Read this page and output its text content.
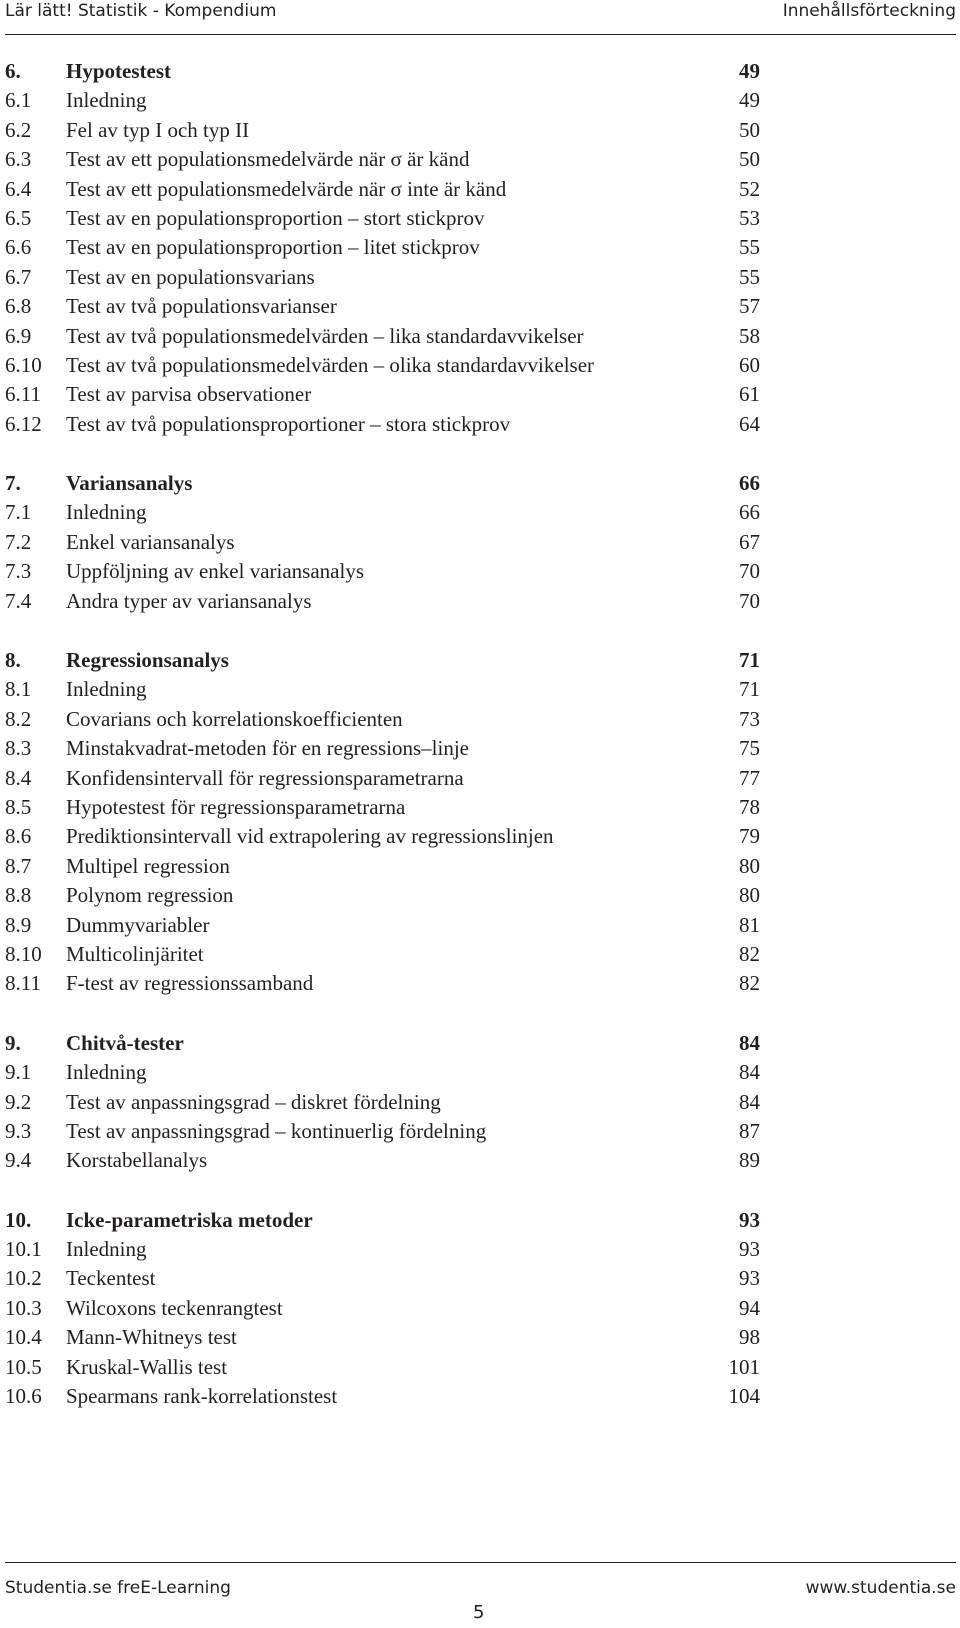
Lär lätt! Statistik - Kompendium	Innehållsförteckning
6. Hypotestest	49
6.1 Inledning	49
6.2 Fel av typ I och typ II	50
6.3 Test av ett populationsmedelvärde när σ är känd	50
6.4 Test av ett populationsmedelvärde när σ inte är känd	52
6.5 Test av en populationsproportion – stort stickprov	53
6.6 Test av en populationsproportion – litet stickprov	55
6.7 Test av en populationsvarians	55
6.8 Test av två populationsvarianser	57
6.9 Test av två populationsmedelvärden – lika standardavvikelser	58
6.10 Test av två populationsmedelvärden – olika standardavvikelser	60
6.11 Test av parvisa observationer	61
6.12 Test av två populationsproportioner – stora stickprov	64
7. Variansanalys	66
7.1 Inledning	66
7.2 Enkel variansanalys	67
7.3 Uppföljning av enkel variansanalys	70
7.4 Andra typer av variansanalys	70
8. Regressionsanalys	71
8.1 Inledning	71
8.2 Covarians och korrelationskoefficienten	73
8.3 Minstakvadrat-metoden för en regressions–linje	75
8.4 Konfidensintervall för regressionsparametrarna	77
8.5 Hypotestest för regressionsparametrarna	78
8.6 Prediktionsintervall vid extrapolering av regressionslinjen	79
8.7 Multipel regression	80
8.8 Polynom regression	80
8.9 Dummyvariabler	81
8.10 Multicolinjäritet	82
8.11 F-test av regressionssamband	82
9. Chitvå-tester	84
9.1 Inledning	84
9.2 Test av anpassningsgrad – diskret fördelning	84
9.3 Test av anpassningsgrad – kontinuerlig fördelning	87
9.4 Korstabellanalys	89
10. Icke-parametriska metoder	93
10.1 Inledning	93
10.2 Teckentest	93
10.3 Wilcoxons teckenrangtest	94
10.4 Mann-Whitneys test	98
10.5 Kruskal-Wallis test	101
10.6 Spearmans rank-korrelationstest	104
Studentia.se freE-Learning	www.studentia.se
5
